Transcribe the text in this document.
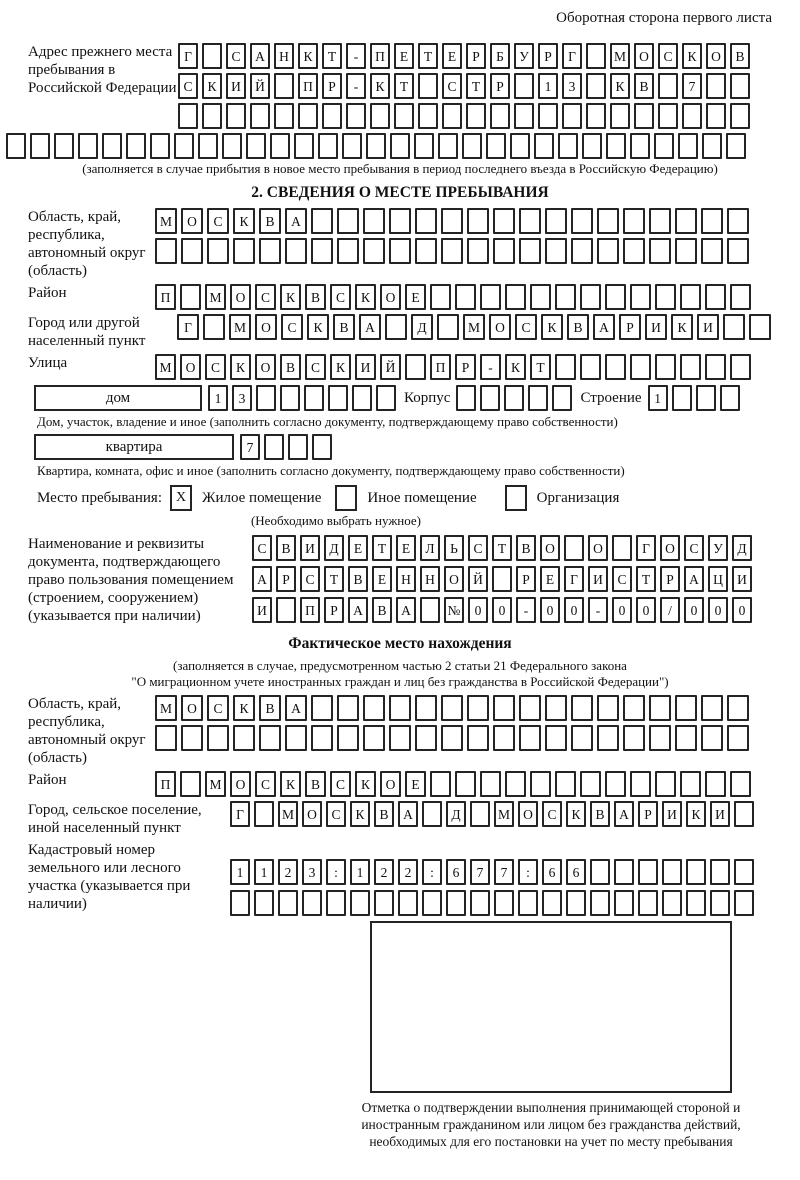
Оборотная сторона первого листа
Адрес прежнего места пребывания в Российской Федерации
Г	С	А	Н	К	Т	-	П	Е	Т	Е	Р	Б	У	Р	Г	М О	С	К	О	В
С	К	И	Й	П	Р	-	К	Т	С	Т	Р	1	3	К	В	7
(заполняется в случае прибытия в новое место пребывания в период последнего въезда в Российскую Федерацию)
2. СВЕДЕНИЯ О МЕСТЕ ПРЕБЫВАНИЯ
Область, край, республика, автономный округ (область)
М	О	С	К	В	А
Район	П	М	О	С	К	В	С	К	О	Е
Город или другой населенный пункт
Г	М	О	С	К	В	А	Д	М	О	С	К	В	А	Р	И	К	И
Улица	М	О	С	К	О	В	С	К	И	Й	П	Р	-	К	Т
дом	1	3	Корпус	Строение 1
Дом, участок, владение и иное (заполнить согласно документу, подтверждающему право собственности)
квартира	7
Квартира, комната, офис и иное (заполнить согласно документу, подтверждающему право собственности)
Место пребывания: X	Жилое помещение	Иное помещение	Организация
(Необходимо выбрать нужное)
Наименование и реквизиты документа, подтверждающего право пользования помещением (строением, сооружением) (указывается при наличии)
С	В	И	Д	Е	Т	Е	Л	Ь	С	Т	В	О	О	Г	О	С	У	Д
А	Р	С	Т	В	Е	Н	Н	О	Й	Р	Е	Г	И	С	Т	Р	А	Ц	И
И	П	Р	А	В	А	№	0	0	-	0	0	-	0	0	/	0	0	0
Фактическое место нахождения
(заполняется в случае, предусмотренном частью 2 статьи 21 Федерального закона
"О миграционном учете иностранных граждан и лиц без гражданства в Российской Федерации")
Область, край, республика, автономный округ (область)
М	О	С	К	В	А
Район	П	М	О	С	К	В	С	К	О	Е
Город, сельское поселение, иной населенный пункт
Г	М О	С	К	В	А	Д	М О	С	К	В	А	Р	И	К	И
Кадастровый номер земельного или лесного участка (указывается при наличии)
1	1	2	3	:	1	2	2	:	6	7	7	:	6	6
Отметка о подтверждении выполнения принимающей стороной и иностранным гражданином или лицом без гражданства действий, необходимых для его постановки на учет по месту пребывания
